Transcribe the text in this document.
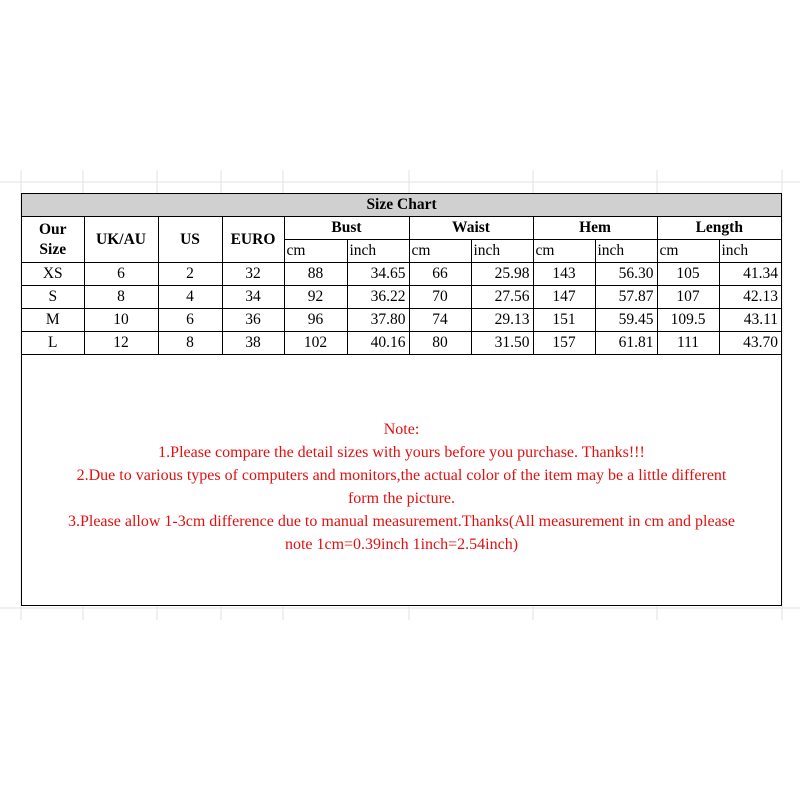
Size Chart											
Our
Size	UK/AU	US	EURO	Bust		Waist		Hem		Length	
				cm	inch	cm	inch	cm	inch	cm	inch
XS	6	2	32	88	34.65	66	25.98	143	56.30	105	41.34
S	8	4	34	92	36.22	70	27.56	147	57.87	107	42.13
M	10	6	36	96	37.80	74	29.13	151	59.45	109.5	43.11
L	12	8	38	102	40.16	80	31.50	157	61.81	111	43.70
Note:
1.Please compare the detail sizes with yours before you purchase. Thanks!!!
2.Due to various types of computers and monitors,the actual color of the item may be a little different
form the picture.
3.Please allow 1-3cm difference due to manual measurement.Thanks(All measurement in cm and please
note 1cm=0.39inch 1inch=2.54inch)
